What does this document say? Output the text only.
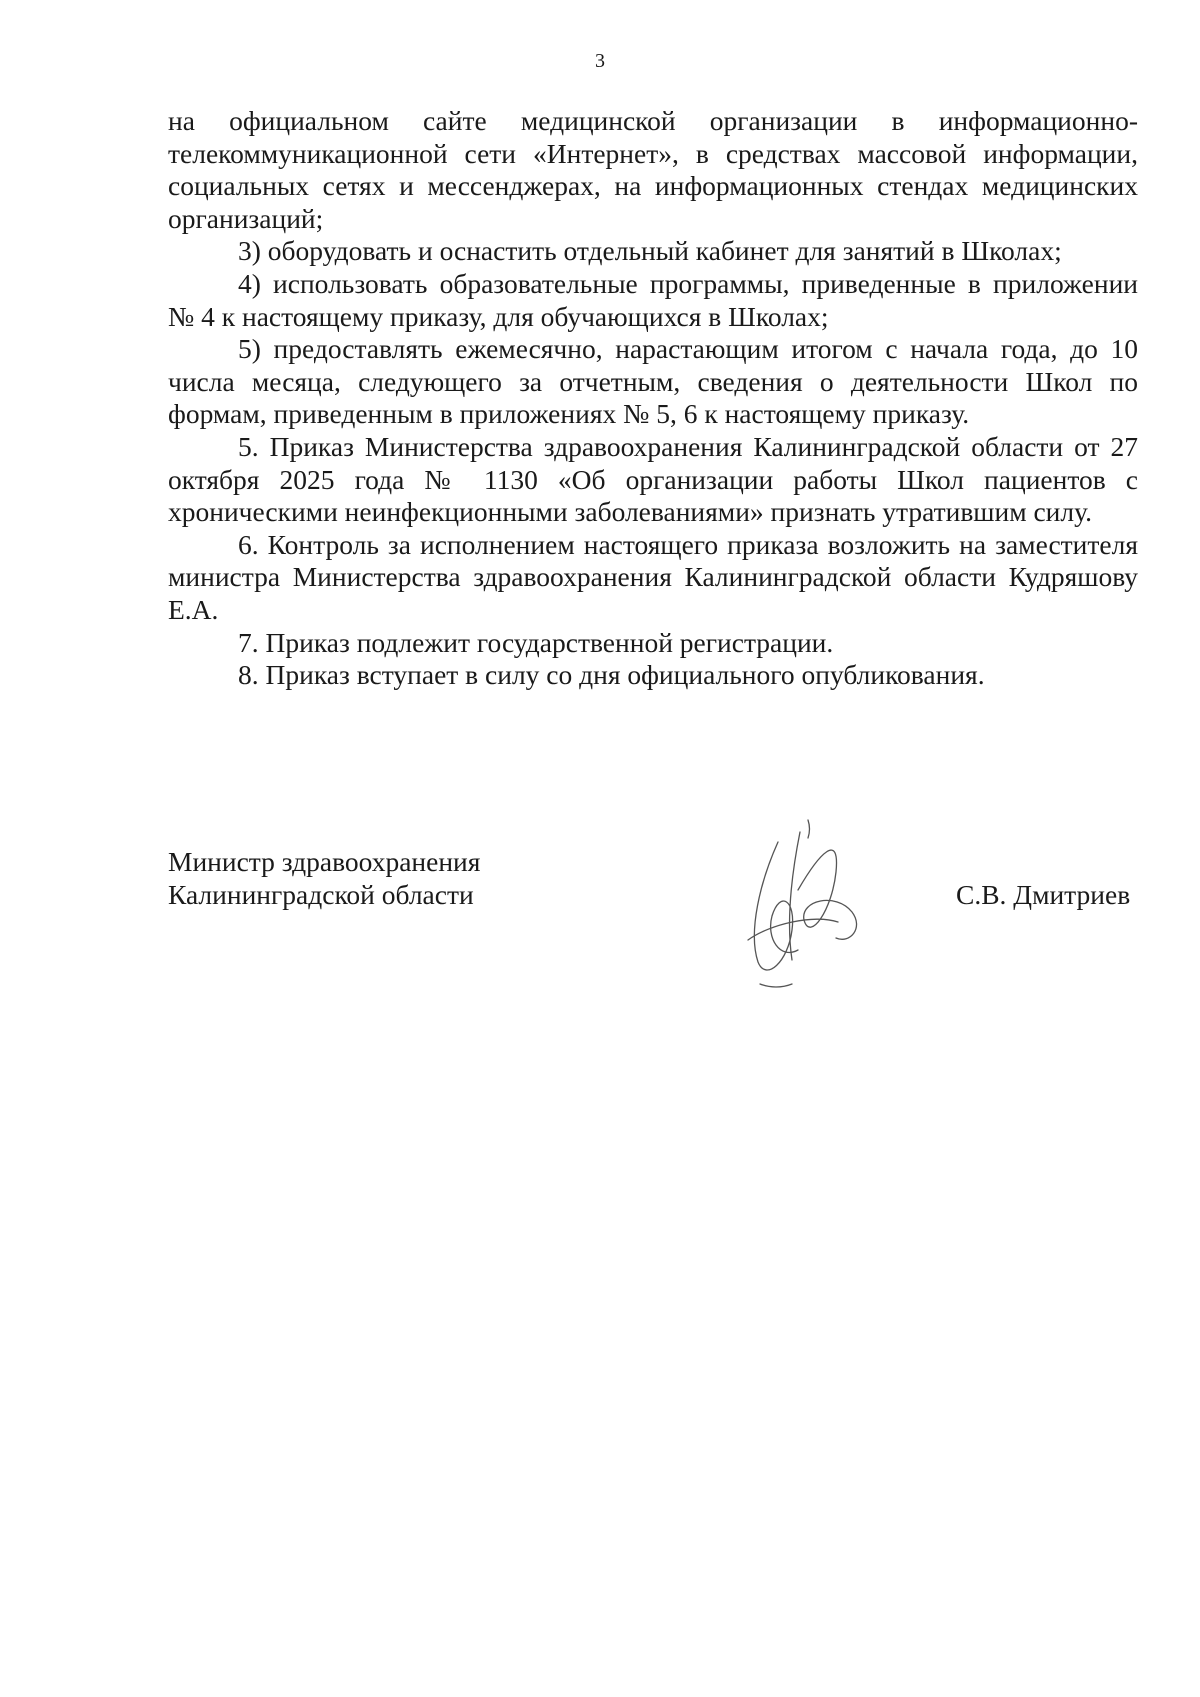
3

на официальном сайте медицинской организации в информационно-телекоммуникационной сети «Интернет», в средствах массовой информации, социальных сетях и мессенджерах, на информационных стендах медицинских организаций;

3) оборудовать и оснастить отдельный кабинет для занятий в Школах;

4) использовать образовательные программы, приведенные в приложении № 4 к настоящему приказу, для обучающихся в Школах;

5) предоставлять ежемесячно, нарастающим итогом с начала года, до 10 числа месяца, следующего за отчетным, сведения о деятельности Школ по формам, приведенным в приложениях № 5, 6 к настоящему приказу.

5. Приказ Министерства здравоохранения Калининградской области от 27 октября 2025 года № 1130 «Об организации работы Школ пациентов с хроническими неинфекционными заболеваниями» признать утратившим силу.

6. Контроль за исполнением настоящего приказа возложить на заместителя министра Министерства здравоохранения Калининградской области Кудряшову Е.А.

7. Приказ подлежит государственной регистрации.

8. Приказ вступает в силу со дня официального опубликования.

Министр здравоохранения
Калининградской области	С.В. Дмитриев
